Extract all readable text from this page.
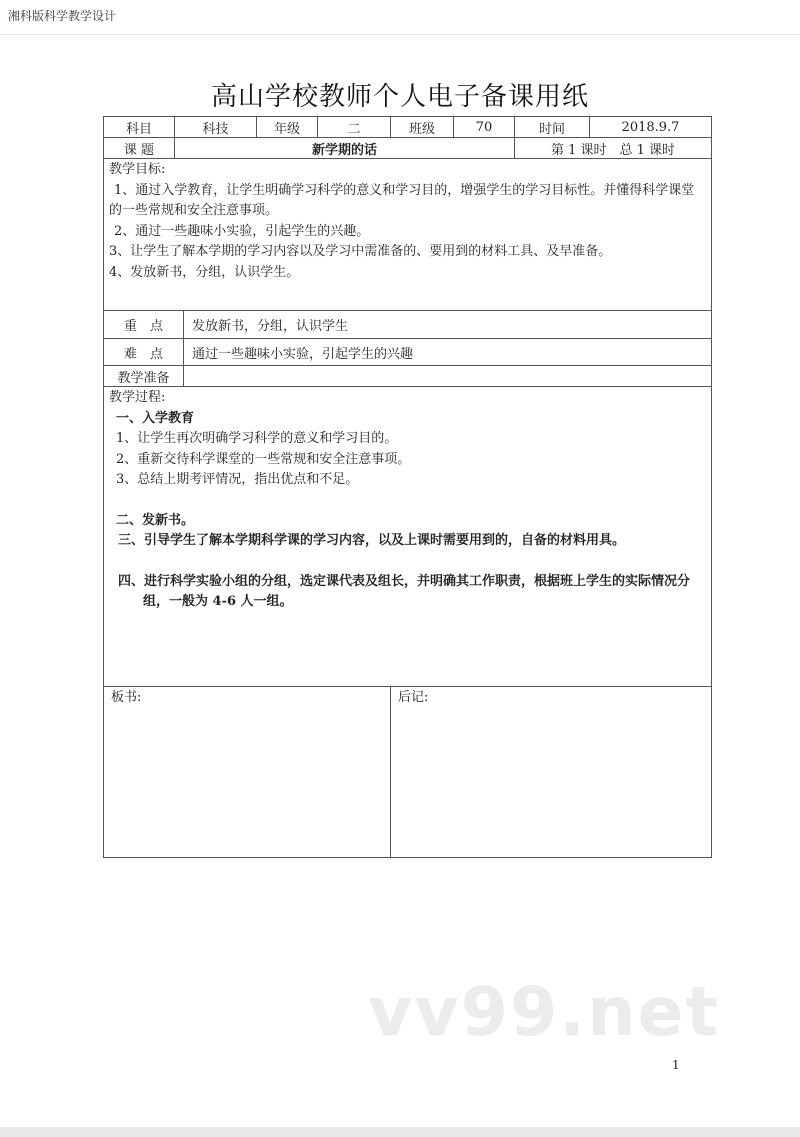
湘科版科学教学设计
高山学校教师个人电子备课用纸
科目	科技	年级	二	班级	70	时间	2018.9.7
课 题	新学期的话	第 1 课时　总 1 课时
教学目标:
1、通过入学教育，让学生明确学习科学的意义和学习目的，增强学生的学习目标性。并懂得科学课堂的一些常规和安全注意事项。
2、通过一些趣味小实验，引起学生的兴趣。
3、让学生了解本学期的学习内容以及学习中需准备的、要用到的材料工具、及早准备。
4、发放新书，分组，认识学生。
重　点	发放新书，分组，认识学生
难　点	通过一些趣味小实验，引起学生的兴趣
教学准备
教学过程:
一、入学教育
1、让学生再次明确学习科学的意义和学习目的。
2、重新交待科学课堂的一些常规和安全注意事项。
3、总结上期考评情况，指出优点和不足。
二、发新书。
三、引导学生了解本学期科学课的学习内容，以及上课时需要用到的，自备的材料用具。
四、进行科学实验小组的分组，选定课代表及组长，并明确其工作职责，根据班上学生的实际情况分组，一般为 4-6 人一组。
板书:	后记:
vv99.net
1
